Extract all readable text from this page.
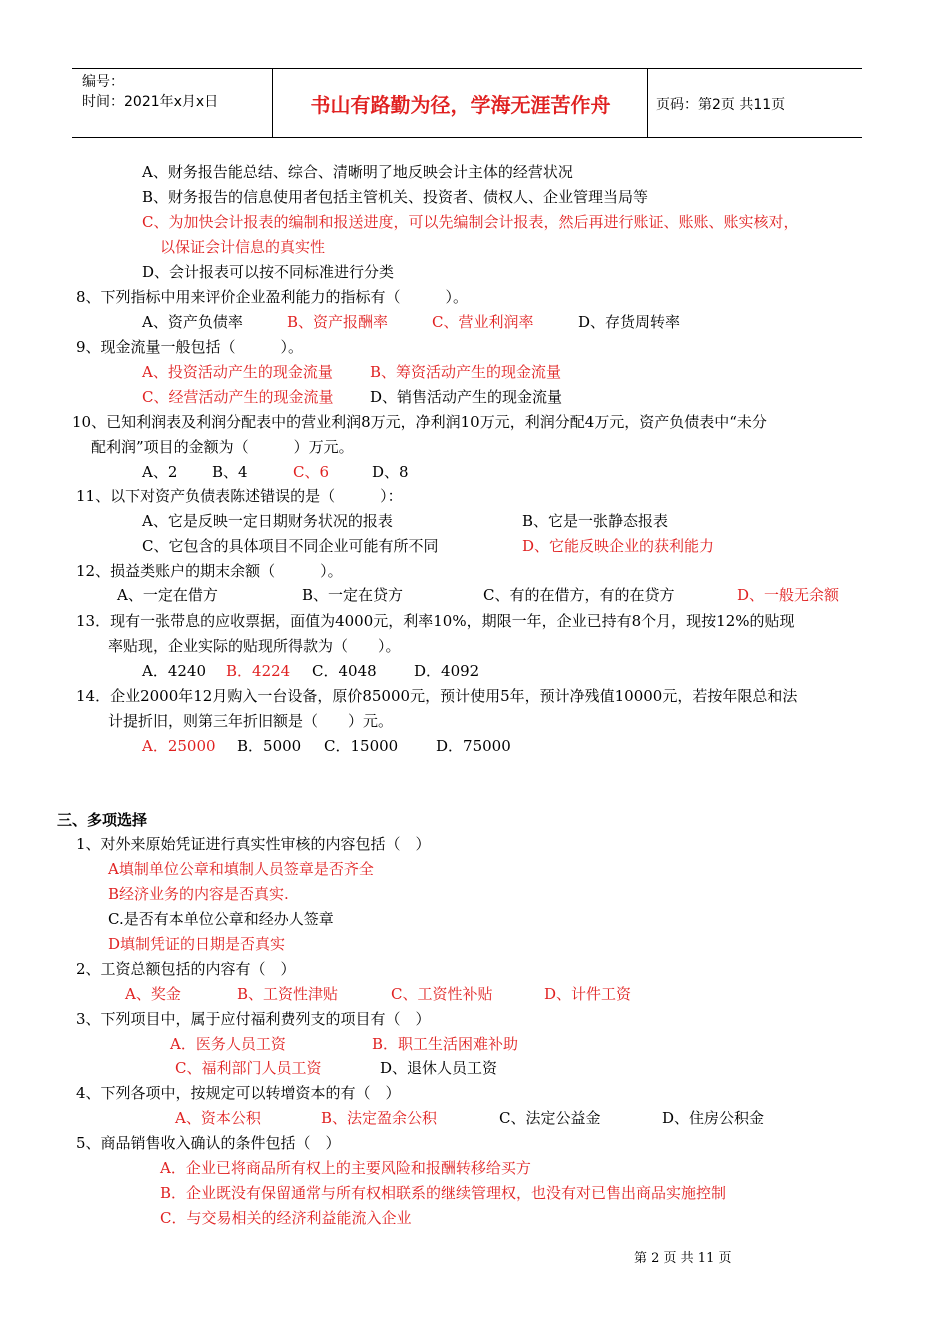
编号：
时间：2021年x月x日	书山有路勤为径，学海无涯苦作舟	页码：第2页 共11页
A、财务报告能总结、综合、清晰明了地反映会计主体的经营状况
B、财务报告的信息使用者包括主管机关、投资者、债权人、企业管理当局等
C、为加快会计报表的编制和报送进度，可以先编制会计报表，然后再进行账证、账账、账实核对，
以保证会计信息的真实性
D、会计报表可以按不同标准进行分类
8、下列指标中用来评价企业盈利能力的指标有（　　　）。
A、资产负债率	B、资产报酬率	C、营业利润率	D、存货周转率
9、现金流量一般包括（　　　）。
A、投资活动产生的现金流量 B、筹资活动产生的现金流量
C、经营活动产生的现金流量 D、销售活动产生的现金流量
10、已知利润表及利润分配表中的营业利润8万元，净利润10万元，利润分配4万元，资产负债表中“未分
配利润”项目的金额为（　　　）万元。
A、2 B、4	C、6	D、8
11、以下对资产负债表陈述错误的是（　　　）：
A、它是反映一定日期财务状况的报表	B、它是一张静态报表
C、它包含的具体项目不同企业可能有所不同	D、它能反映企业的获利能力
12、损益类账户的期末余额（　　　）。
A、一定在借方	B、一定在贷方	C、有的在借方，有的在贷方	D、一般无余额
13．现有一张带息的应收票据，面值为4000元，利率10%，期限一年，企业已持有8个月，现按12%的贴现
率贴现，企业实际的贴现所得款为（　　）。
A．4240 B．4224 C．4048 D．4092
14．企业2000年12月购入一台设备，原价85000元，预计使用5年，预计净残值10000元，若按年限总和法
计提折旧，则第三年折旧额是（　　）元。
A．25000 B．5000 C．15000	D．75000
三、多项选择
1、对外来原始凭证进行真实性审核的内容包括（　）
A填制单位公章和填制人员签章是否齐全
B经济业务的内容是否真实.
C.是否有本单位公章和经办人签章
D填制凭证的日期是否真实
2、工资总额包括的内容有（　）
A、奖金	B、工资性津贴	C、工资性补贴	D、计件工资
3、下列项目中，属于应付福利费列支的项目有（　）
A．医务人员工资	B．职工生活困难补助
C、福利部门人员工资	D、退休人员工资
4、下列各项中，按规定可以转增资本的有（　）
A、资本公积	B、法定盈余公积	C、法定公益金	D、住房公积金
5、商品销售收入确认的条件包括（　）
A．企业已将商品所有权上的主要风险和报酬转移给买方
B．企业既没有保留通常与所有权相联系的继续管理权，也没有对已售出商品实施控制
C．与交易相关的经济利益能流入企业
第 2 页 共 11 页
